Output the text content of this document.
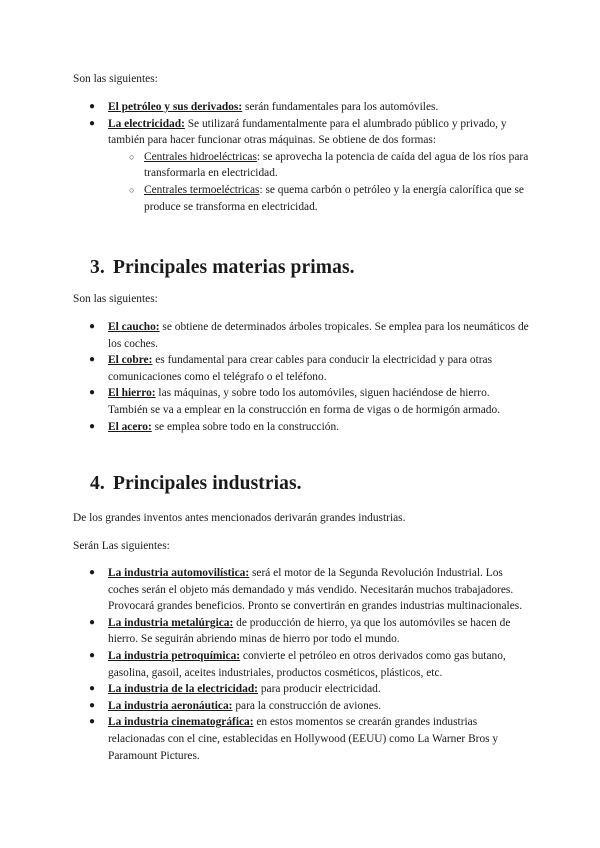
Son las siguientes:

● El petróleo y sus derivados: serán fundamentales para los automóviles.
● La electricidad: Se utilizará fundamentalmente para el alumbrado público y privado, y también para hacer funcionar otras máquinas. Se obtiene de dos formas:
○ Centrales hidroeléctricas: se aprovecha la potencia de caída del agua de los ríos para transformarla en electricidad.
○ Centrales termoeléctricas: se quema carbón o petróleo y la energía calorífica que se produce se transforma en electricidad.
3. Principales materias primas.

Son las siguientes:

● El caucho: se obtiene de determinados árboles tropicales. Se emplea para los neumáticos de los coches.
● El cobre: es fundamental para crear cables para conducir la electricidad y para otras comunicaciones como el telégrafo o el teléfono.
● El hierro: las máquinas, y sobre todo los automóviles, siguen haciéndose de hierro. También se va a emplear en la construcción en forma de vigas o de hormigón armado.
● El acero: se emplea sobre todo en la construcción.
4. Principales industrias.

De los grandes inventos antes mencionados derivarán grandes industrias.

Serán Las siguientes:

● La industria automovilística: será el motor de la Segunda Revolución Industrial. Los coches serán el objeto más demandado y más vendido. Necesitarán muchos trabajadores. Provocará grandes beneficios. Pronto se convertirán en grandes industrias multinacionales.
● La industria metalúrgica: de producción de hierro, ya que los automóviles se hacen de hierro. Se seguirán abriendo minas de hierro por todo el mundo.
● La industria petroquímica: convierte el petróleo en otros derivados como gas butano, gasolina, gasoil, aceites industriales, productos cosméticos, plásticos, etc.
● La industria de la electricidad: para producir electricidad.
● La industria aeronáutica: para la construcción de aviones.
● La industria cinematográfica: en estos momentos se crearán grandes industrias relacionadas con el cine, establecidas en Hollywood (EEUU) como La Warner Bros y Paramount Pictures.
